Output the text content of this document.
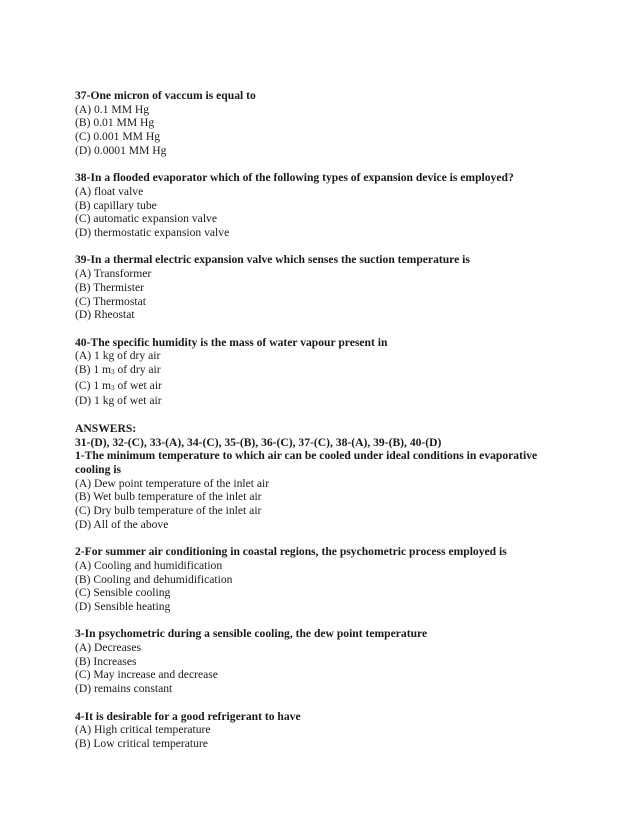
37-One micron of vaccum is equal to
(A) 0.1 MM Hg
(B) 0.01 MM Hg
(C) 0.001 MM Hg
(D) 0.0001 MM Hg
38-In a flooded evaporator which of the following types of expansion device is employed?
(A) float valve
(B) capillary tube
(C) automatic expansion valve
(D) thermostatic expansion valve
39-In a thermal electric expansion valve which senses the suction temperature is
(A) Transformer
(B) Thermister
(C) Thermostat
(D) Rheostat
40-The specific humidity is the mass of water vapour present in
(A) 1 kg of dry air
(B) 1 $m_3$ of dry air
(C) 1 $m_3$ of wet air
(D) 1 kg of wet air
ANSWERS:
31-(D), 32-(C), 33-(A), 34-(C), 35-(B), 36-(C), 37-(C), 38-(A), 39-(B), 40-(D)
1-The minimum temperature to which air can be cooled under ideal conditions in evaporative
cooling is
(A) Dew point temperature of the inlet air
(B) Wet bulb temperature of the inlet air
(C) Dry bulb temperature of the inlet air
(D) All of the above
2-For summer air conditioning in coastal regions, the psychometric process employed is
(A) Cooling and humidification
(B) Cooling and dehumidification
(C) Sensible cooling
(D) Sensible heating
3-In psychometric during a sensible cooling, the dew point temperature
(A) Decreases
(B) Increases
(C) May increase and decrease
(D) remains constant
4-It is desirable for a good refrigerant to have
(A) High critical temperature
(B) Low critical temperature
